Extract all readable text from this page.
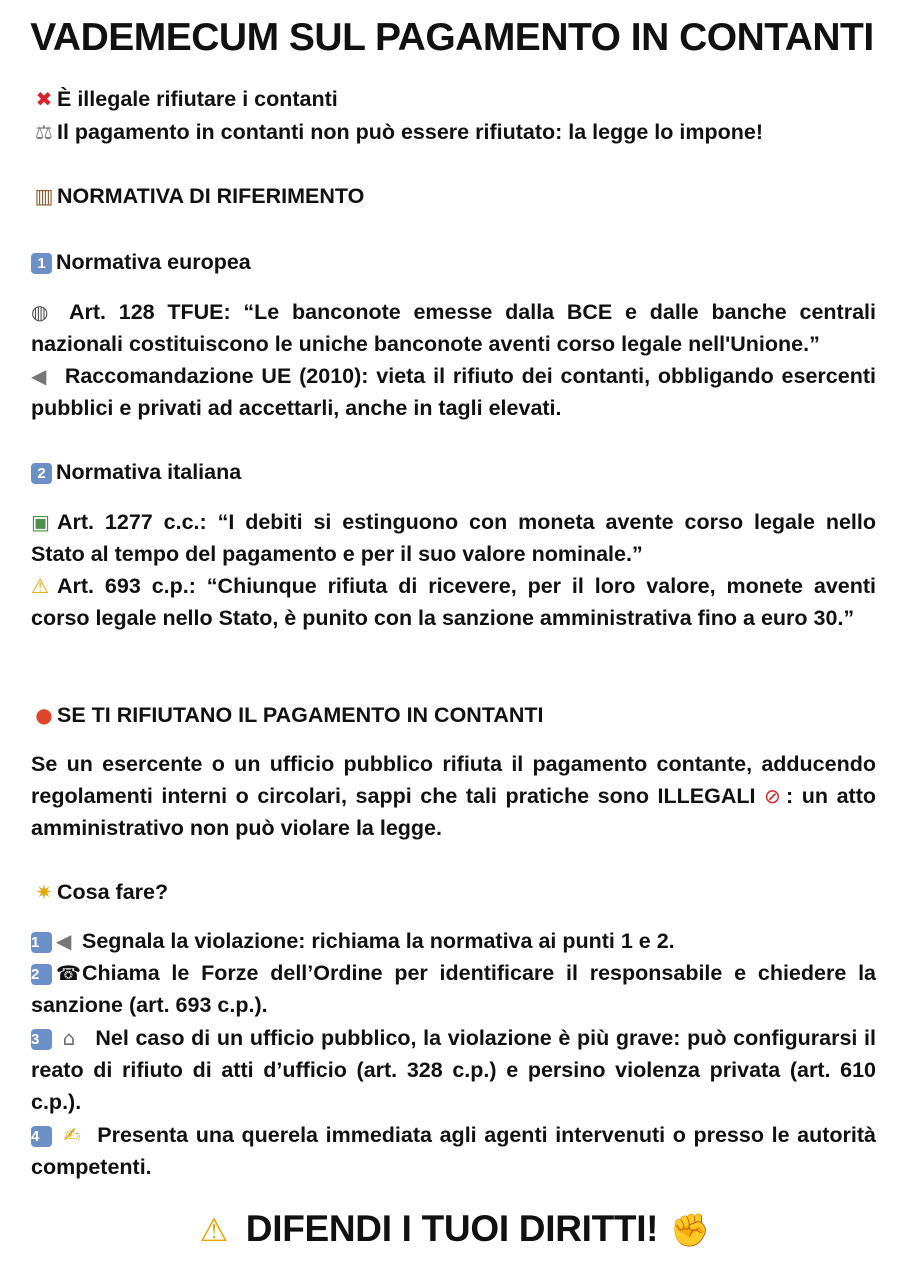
VADEMECUM SUL PAGAMENTO IN CONTANTI
✖ È illegale rifiutare i contanti
⚖ Il pagamento in contanti non può essere rifiutato: la legge lo impone!
▥ NORMATIVA DI RIFERIMENTO
1 Normativa europea
◍ Art. 128 TFUE: “Le banconote emesse dalla BCE e dalle banche centrali nazionali costituiscono le uniche banconote aventi corso legale nell'Unione.”
◀ Raccomandazione UE (2010): vieta il rifiuto dei contanti, obbligando esercenti pubblici e privati ad accettarli, anche in tagli elevati.
2 Normativa italiana
▣ Art. 1277 c.c.: “I debiti si estinguono con moneta avente corso legale nello Stato al tempo del pagamento e per il suo valore nominale.”
⚠ Art. 693 c.p.: “Chiunque rifiuta di ricevere, per il loro valore, monete aventi corso legale nello Stato, è punito con la sanzione amministrativa fino a euro 30.”
● SE TI RIFIUTANO IL PAGAMENTO IN CONTANTI
Se un esercente o un ufficio pubblico rifiuta il pagamento contante, adducendo regolamenti interni o circolari, sappi che tali pratiche sono ILLEGALI ⊘ : un atto amministrativo non può violare la legge.
✷ Cosa fare?
1 ◀ Segnala la violazione: richiama la normativa ai punti 1 e 2.
2 ☎Chiama le Forze dell’Ordine per identificare il responsabile e chiedere la sanzione (art. 693 c.p.).
3 ⌂ Nel caso di un ufficio pubblico, la violazione è più grave: può configurarsi il reato di rifiuto di atti d’ufficio (art. 328 c.p.) e persino violenza privata (art. 610 c.p.).
4 ✍ Presenta una querela immediata agli agenti intervenuti o presso le autorità competenti.
⚠ DIFENDI I TUOI DIRITTI! ✊
